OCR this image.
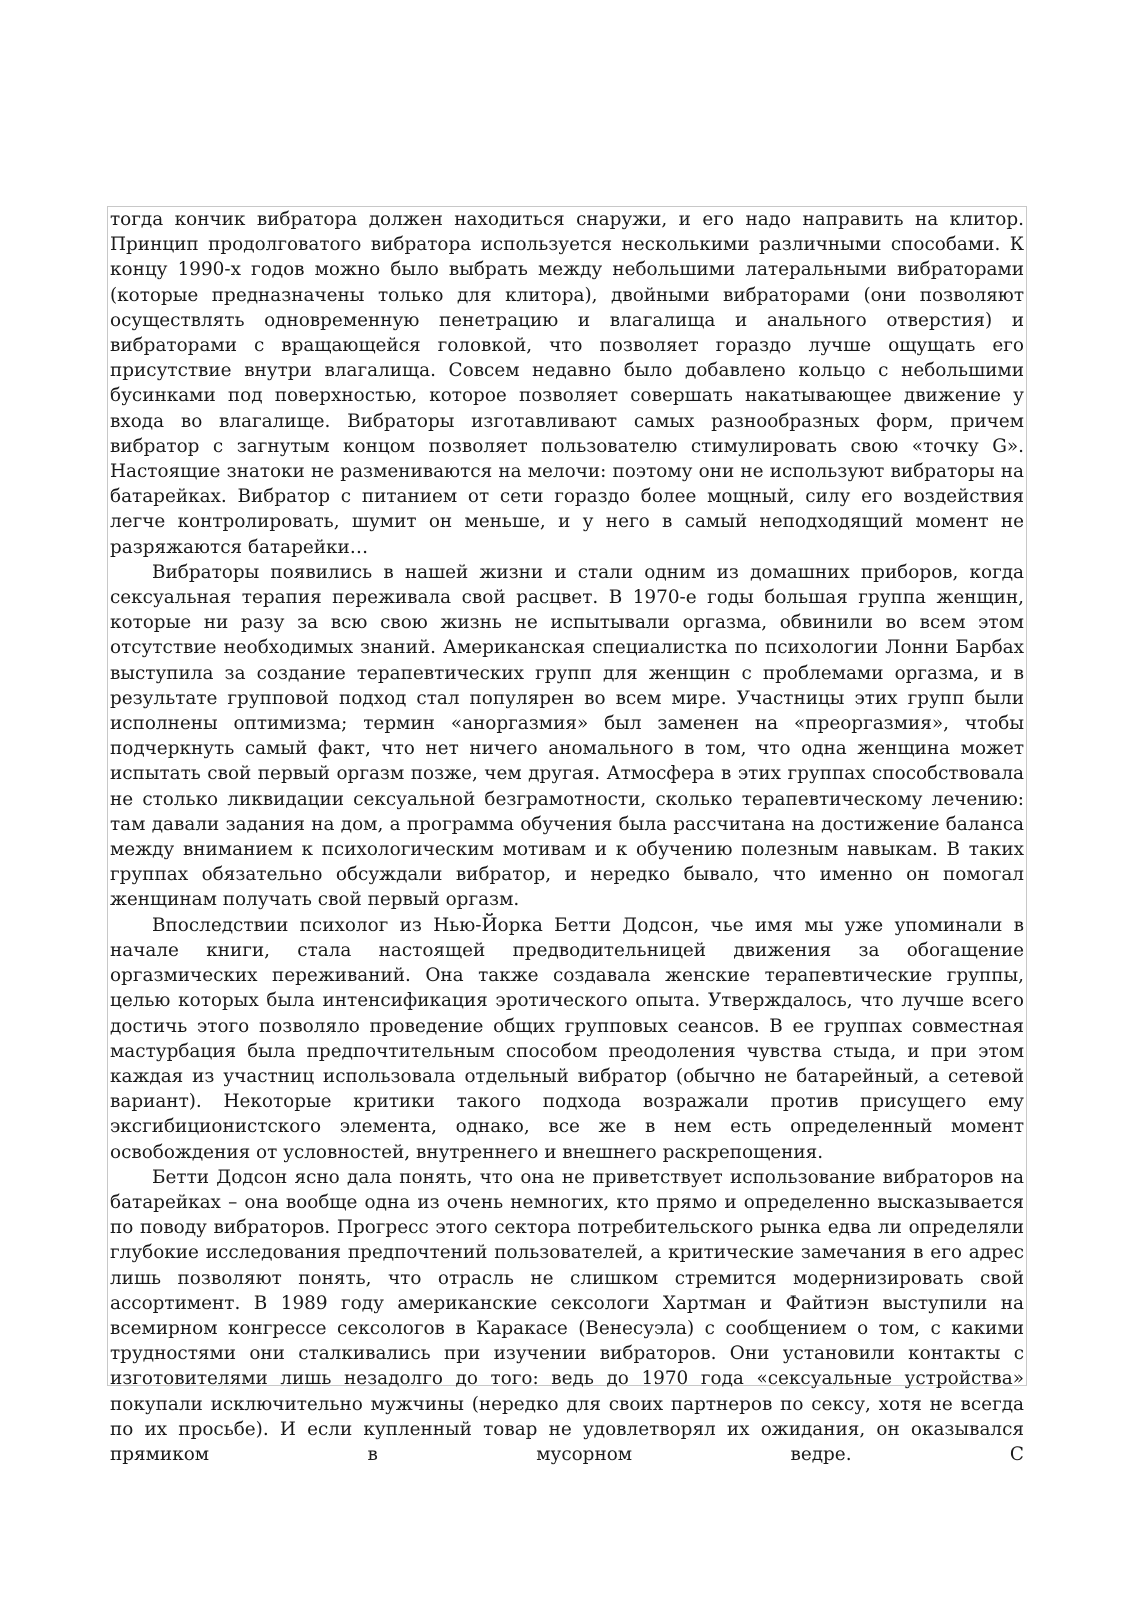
тогда кончик вибратора должен находиться снаружи, и его надо направить на клитор. Принцип продолговатого вибратора используется несколькими различными способами. К концу 1990-х годов можно было выбрать между небольшими латеральными вибраторами (которые предназначены только для клитора), двойными вибраторами (они позволяют осуществлять одновременную пенетрацию и влагалища и анального отверстия) и вибраторами с вращающейся головкой, что позволяет гораздо лучше ощущать его присутствие внутри влагалища. Совсем недавно было добавлено кольцо с небольшими бусинками под поверхностью, которое позволяет совершать накатывающее движение у входа во влагалище. Вибраторы изготавливают самых разнообразных форм, причем вибратор с загнутым концом позволяет пользователю стимулировать свою «точку G». Настоящие знатоки не размениваются на мелочи: поэтому они не используют вибраторы на батарейках. Вибратор с питанием от сети гораздо более мощный, силу его воздействия легче контролировать, шумит он меньше, и у него в самый неподходящий момент не разряжаются батарейки…

Вибраторы появились в нашей жизни и стали одним из домашних приборов, когда сексуальная терапия переживала свой расцвет. В 1970-е годы большая группа женщин, которые ни разу за всю свою жизнь не испытывали оргазма, обвинили во всем этом отсутствие необходимых знаний. Американская специалистка по психологии Лонни Барбах выступила за создание терапевтических групп для женщин с проблемами оргазма, и в результате групповой подход стал популярен во всем мире. Участницы этих групп были исполнены оптимизма; термин «аноргазмия» был заменен на «преоргазмия», чтобы подчеркнуть самый факт, что нет ничего аномального в том, что одна женщина может испытать свой первый оргазм позже, чем другая. Атмосфера в этих группах способствовала не столько ликвидации сексуальной безграмотности, сколько терапевтическому лечению: там давали задания на дом, а программа обучения была рассчитана на достижение баланса между вниманием к психологическим мотивам и к обучению полезным навыкам. В таких группах обязательно обсуждали вибратор, и нередко бывало, что именно он помогал женщинам получать свой первый оргазм.

Впоследствии психолог из Нью-Йорка Бетти Додсон, чье имя мы уже упоминали в начале книги, стала настоящей предводительницей движения за обогащение оргазмических переживаний. Она также создавала женские терапевтические группы, целью которых была интенсификация эротического опыта. Утверждалось, что лучше всего достичь этого позволяло проведение общих групповых сеансов. В ее группах совместная мастурбация была предпочтительным способом преодоления чувства стыда, и при этом каждая из участниц использовала отдельный вибратор (обычно не батарейный, а сетевой вариант). Некоторые критики такого подхода возражали против присущего ему эксгибиционистского элемента, однако, все же в нем есть определенный момент освобождения от условностей, внутреннего и внешнего раскрепощения.

Бетти Додсон ясно дала понять, что она не приветствует использование вибраторов на батарейках – она вообще одна из очень немногих, кто прямо и определенно высказывается по поводу вибраторов. Прогресс этого сектора потребительского рынка едва ли определяли глубокие исследования предпочтений пользователей, а критические замечания в его адрес лишь позволяют понять, что отрасль не слишком стремится модернизировать свой ассортимент. В 1989 году американские сексологи Хартман и Файтиэн выступили на всемирном конгрессе сексологов в Каракасе (Венесуэла) с сообщением о том, с какими трудностями они сталкивались при изучении вибраторов. Они установили контакты с изготовителями лишь незадолго до того: ведь до 1970 года «сексуальные устройства» покупали исключительно мужчины (нередко для своих партнеров по сексу, хотя не всегда по их просьбе). И если купленный товар не удовлетворял их ожидания, он оказывался прямиком в мусорном ведре. С
